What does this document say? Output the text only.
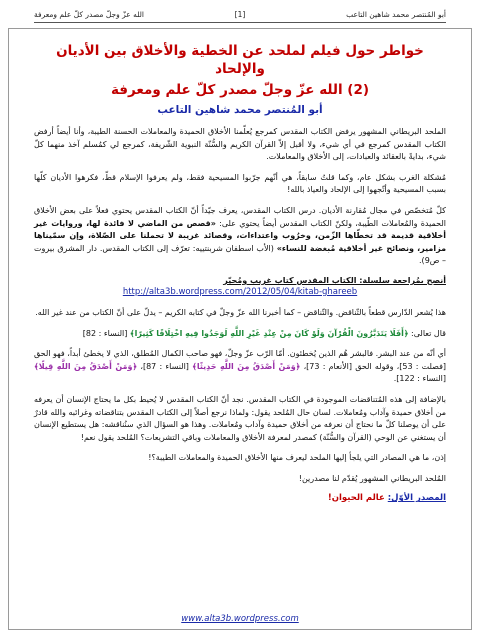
أبو المُنتصر محمد شاهين التاعب
[1]
الله عزّ وجلّ مصدر كلّ علم ومعرفة
خواطر حول فيلم لملحد عن الخطية والأخلاق بين الأديان والإلحاد
(2) الله عزّ وجلّ مصدر كلّ علم ومعرفة
أبو المُنتصر محمد شاهين التاعب

الملحد البريطاني المشهور يرفض الكتاب المقدس كمرجع يُعلّمنا الأخلاق الحميدة والمعاملات الحسنة الطيبة، وأنا أيضاً أرفض الكتاب المقدس كمرجع في أي شيء، ولا أقبل إلاّ القرآن الكريم والسُّنّة النبوية الشّريفة، كمرجع لي كمُسلم آخذ منهما كلّ شيء، بدايةً بالعقائد والعبادات، إلى الأخلاق والمعاملات.

مُشكلة الغرب بشكل عام، وكما قلتُ سابقاً، هي أنّهم جرّبوا المسيحية فقط، ولم يعرفوا الإسلام قطّ، فكرهوا الأديان كلّها بسبب المسيحية وأتّجهوا إلى الإلحاد والعياذ بالله!

كلّ مُتخصّص في مجال مُقارنة الأديان. درس الكتاب المقدس، يعرف جيّداً أنّ الكتاب المقدس يحتوي فعلاً على بعض الأخلاق الحميدة والمُعاملات الطّيبة، ولكنّ الكتاب المقدس أيضاً يحتوي على: «قصص من الماضي لا فائدة لها، وروايات غير أخلاقية قديمة قد تخطّاها الزّمن، وخرُوب واعتداءات، وقصائد غريبة لا تحملنا على الصّلاة، وإن سمّيناها مزامير، ونصائح غير أخلاقية مُبغضة للنساء» (الأب اسطفان شربنتييه: تعرّف إلى الكتاب المقدس. دار المشرق بيروت – ص9).

أنصح بمُراجعة سلسلة: الكتاب المقدس كتاب غريب ومُحيّر
http://alta3b.wordpress.com/2012/05/04/kitab-ghareeb

هذا يُشعر الدّارس قطعاً بالتّناقض. والتّناقض – كما أخبرنا الله عزّ وجلّ في كتابه الكريم – يدلّ على أنّ الكتاب من عند غير الله.

قال تعالى: ﴿أَفَلَا يَتَدَبَّرُونَ الْقُرْآنَ وَلَوْ كَانَ مِنْ عِنْدِ غَيْرِ اللَّهِ لَوَجَدُوا فِيهِ اخْتِلَافًا كَثِيرًا﴾ [النساء : 82]

أي أنّه من عند البشر. فالبشر هُم الذين يُخطئون. أمّا الرّب عزّ وجلّ، فهو صاحب الكمال المُطلق، الذي لا يخطئ أبداً، فهو الحق [فصلت : 53]، وقوله الحق [الأنعام : 73]، ﴿وَمَنْ أَصْدَقُ مِنَ اللَّهِ حَدِيثًا﴾ [النساء : 87]، ﴿وَمَنْ أَصْدَقُ مِنَ اللَّهِ قِيلًا﴾ [النساء : 122].

بالإضافة إلى هذه المُتناقضات الموجودة في الكتاب المقدس. نجد أنّ الكتاب المقدس لا يُحيط بكل ما يحتاج الإنسان أن يعرفه من أخلاق حميدة وآداب ومُعاملات. لسان حال المُلحد يقول: ولماذا نرجع أصلاً إلى الكتاب المقدس بتناقضاته وغرائبه والله قادرٌ على أن يوصلنا كلّ ما نحتاج أن نعرفه من أخلاق حميدة وآداب ومُعاملات. وهذا هو السؤال الذي سنُناقشه: هل يستطيع الإنسان أن يستغني عن الوحي (القرآن والسُّنّة) كمصدر لمعرفة الأخلاق والمعاملات وباقي التشريعات؟ المُلحد يقول نعم!

إذن، ما هي المصادر التي يلجأ إليها الملحد ليعرف منها الأخلاق الحميدة والمعاملات الطيبة؟!

المُلحد البريطاني المشهور يُقدّم لنا مصدرين!

المصدر الأوّل: عالم الحيوان!
www.alta3b.wordpress.com
